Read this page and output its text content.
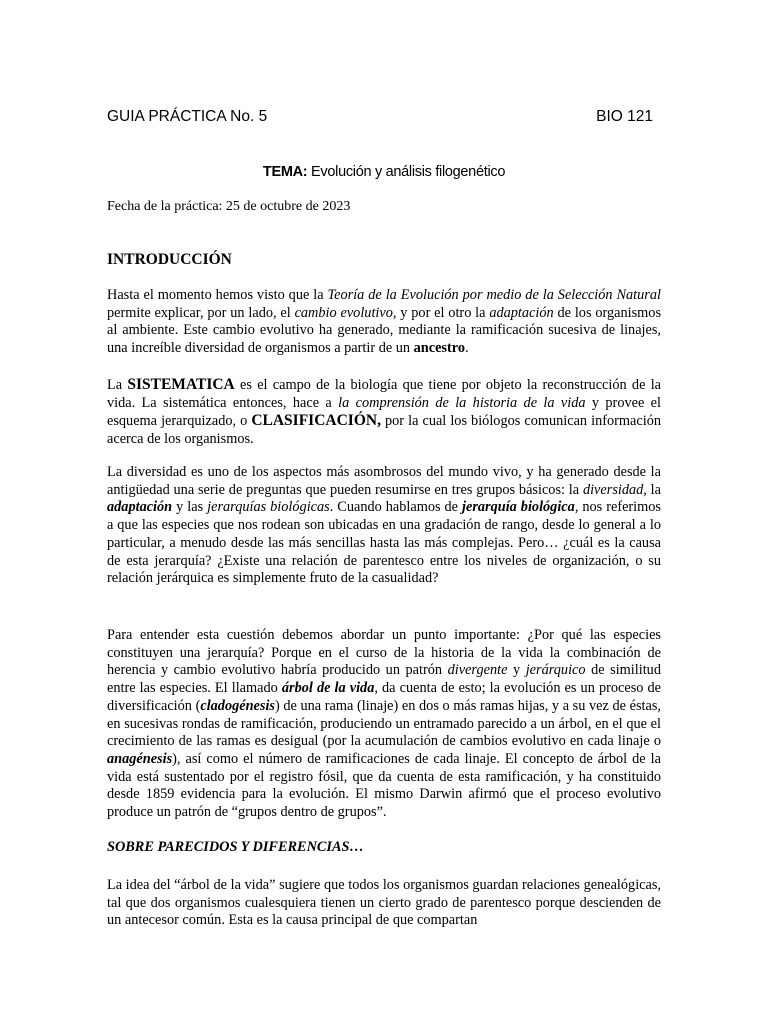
GUIA PRÁCTICA No. 5	BIO 121
TEMA: Evolución y análisis filogenético
Fecha de la práctica: 25 de octubre de 2023
INTRODUCCIÓN

Hasta el momento hemos visto que la Teoría de la Evolución por medio de la Selección Natural permite explicar, por un lado, el cambio evolutivo, y por el otro la adaptación de los organismos al ambiente. Este cambio evolutivo ha generado, mediante la ramificación sucesiva de linajes, una increíble diversidad de organismos a partir de un ancestro.

La SISTEMATICA es el campo de la biología que tiene por objeto la reconstrucción de la vida. La sistemática entonces, hace a la comprensión de la historia de la vida y provee el esquema jerarquizado, o CLASIFICACIÓN, por la cual los biólogos comunican información acerca de los organismos.

La diversidad es uno de los aspectos más asombrosos del mundo vivo, y ha generado desde la antigüedad una serie de preguntas que pueden resumirse en tres grupos básicos: la diversidad, la adaptación y las jerarquías biológicas. Cuando hablamos de jerarquía biológica, nos referimos a que las especies que nos rodean son ubicadas en una gradación de rango, desde lo general a lo particular, a menudo desde las más sencillas hasta las más complejas. Pero… ¿cuál es la causa de esta jerarquía? ¿Existe una relación de parentesco entre los niveles de organización, o su relación jerárquica es simplemente fruto de la casualidad?

Para entender esta cuestión debemos abordar un punto importante: ¿Por qué las especies constituyen una jerarquía? Porque en el curso de la historia de la vida la combinación de herencia y cambio evolutivo habría producido un patrón divergente y jerárquico de similitud entre las especies. El llamado árbol de la vida, da cuenta de esto; la evolución es un proceso de diversificación (cladogénesis) de una rama (linaje) en dos o más ramas hijas, y a su vez de éstas, en sucesivas rondas de ramificación, produciendo un entramado parecido a un árbol, en el que el crecimiento de las ramas es desigual (por la acumulación de cambios evolutivo en cada linaje o anagénesis), así como el número de ramificaciones de cada linaje. El concepto de árbol de la vida está sustentado por el registro fósil, que da cuenta de esta ramificación, y ha constituido desde 1859 evidencia para la evolución. El mismo Darwin afirmó que el proceso evolutivo produce un patrón de “grupos dentro de grupos”.

SOBRE PARECIDOS Y DIFERENCIAS…

La idea del “árbol de la vida” sugiere que todos los organismos guardan relaciones genealógicas, tal que dos organismos cualesquiera tienen un cierto grado de parentesco porque descienden de un antecesor común. Esta es la causa principal de que compartan
